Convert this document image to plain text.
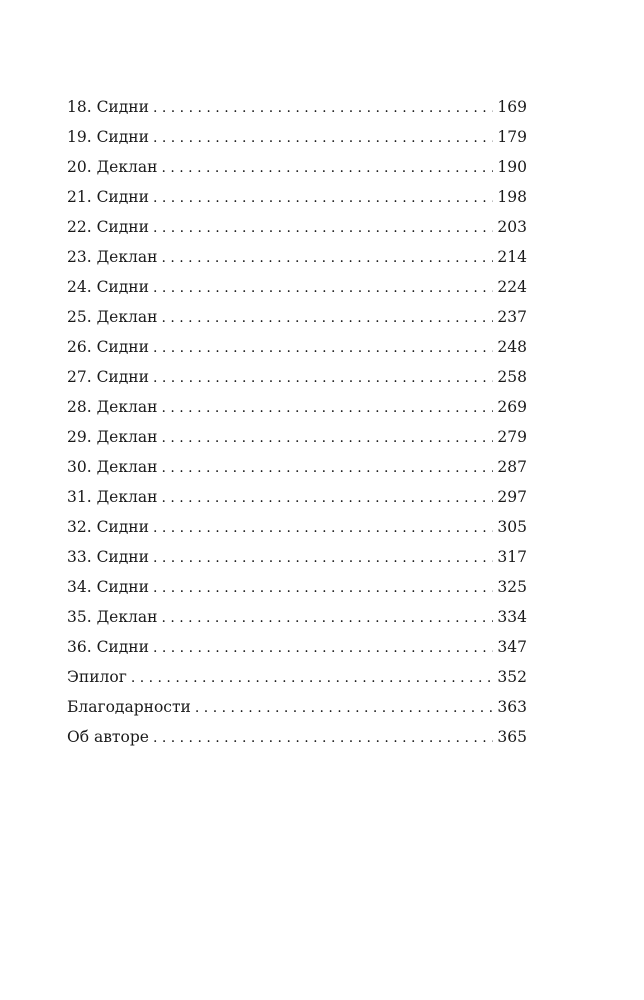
18. Сидни . . .	169
19. Сидни . . .	179
20. Деклан . . .	190
21. Сидни . . .	198
22. Сидни . . .	203
23. Деклан . . .	214
24. Сидни . . .	224
25. Деклан . . .	237
26. Сидни . . .	248
27. Сидни . . .	258
28. Деклан . . .	269
29. Деклан . . .	279
30. Деклан . . .	287
31. Деклан . . .	297
32. Сидни . . .	305
33. Сидни . . .	317
34. Сидни . . .	325
35. Деклан . . .	334
36. Сидни . . .	347
Эпилог . . .	352
Благодарности . . .	363
Об авторе . . .	365
